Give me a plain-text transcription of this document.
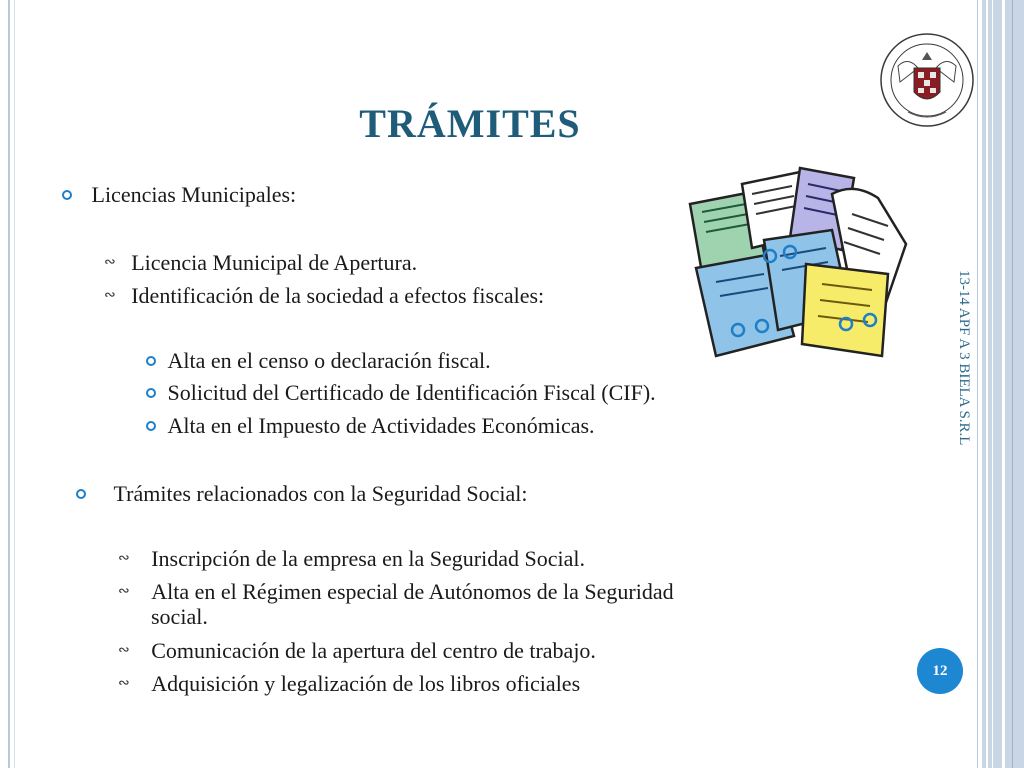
TRÁMITES
Licencias Municipales:
∾ Licencia Municipal de Apertura.
∾ Identificación de la sociedad a efectos fiscales:
Alta en el censo o declaración fiscal.
Solicitud del Certificado de Identificación Fiscal (CIF).
Alta en el Impuesto de Actividades Económicas.
Trámites relacionados con la Seguridad Social:
∾ Inscripción de la empresa en la Seguridad Social.
∾ Alta en el Régimen especial de Autónomos de la Seguridad
social.
∾ Comunicación de la apertura del centro de trabajo.
∾ Adquisición y legalización de los libros oficiales
13-14 APF A 3 BIELA S.R.L
12
